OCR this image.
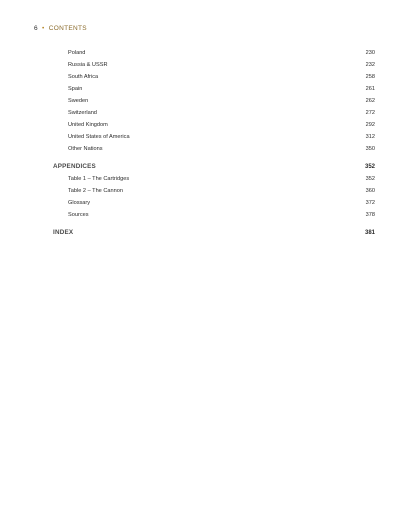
6 • CONTENTS
Poland	230
Russia & USSR	232
South Africa	258
Spain	261
Sweden	262
Switzerland	272
United Kingdom	292
United States of America	312
Other Nations	350
APPENDICES	352
Table 1 – The Cartridges	352
Table 2 – The Cannon	360
Glossary	372
Sources	378
INDEX	381
